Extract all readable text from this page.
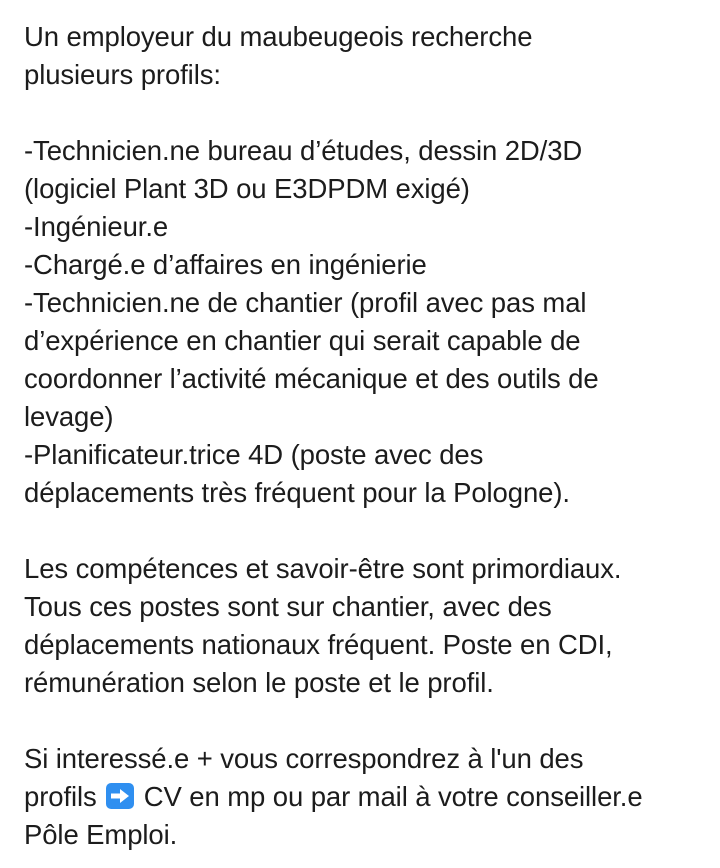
Un employeur du maubeugeois recherche
plusieurs profils:
-Technicien.ne bureau d’études, dessin 2D/3D
(logiciel Plant 3D ou E3DPDM exigé)
-Ingénieur.e
-Chargé.e d’affaires en ingénierie
-Technicien.ne de chantier (profil avec pas mal
d’expérience en chantier qui serait capable de
coordonner l’activité mécanique et des outils de
levage)
-Planificateur.trice 4D (poste avec des
déplacements très fréquent pour la Pologne).
Les compétences et savoir-être sont primordiaux.
Tous ces postes sont sur chantier, avec des
déplacements nationaux fréquent. Poste en CDI,
rémunération selon le poste et le profil.
Si interessé.e + vous correspondrez à l'un des
profils CV en mp ou par mail à votre conseiller.e
Pôle Emploi.
